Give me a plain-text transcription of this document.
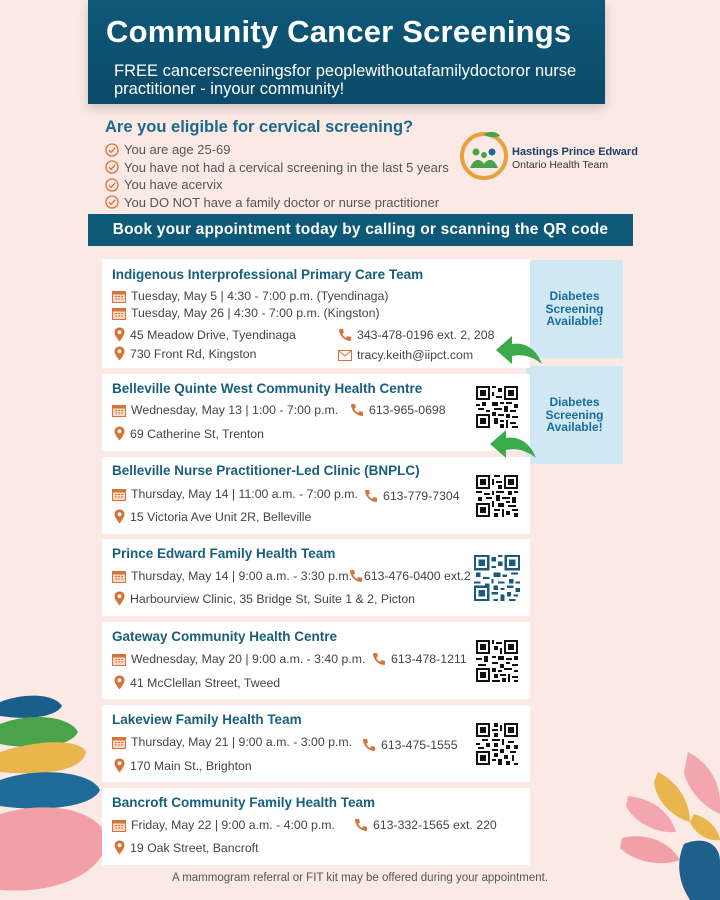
Community Cancer Screenings
FREE cancerscreeningsfor peoplewithoutafamilydoctoror nurse practitioner - inyour community!
Are you eligible for cervical screening?
You are age 25-69
You have not had a cervical screening in the last 5 years
You have acervix
You DO NOT have a family doctor or nurse practitioner
Hastings Prince Edward
Ontario Health Team
Book your appointment today by calling or scanning the QR code
Diabetes
Screening
Available!
Diabetes
Screening
Available!
Indigenous Interprofessional Primary Care Team
Tuesday, May 5 | 4:30 - 7:00 p.m. (Tyendinaga)
Tuesday, May 26 | 4:30 - 7:00 p.m. (Kingston)
45 Meadow Drive, Tyendinaga
730 Front Rd, Kingston
343-478-0196 ext. 2, 208
tracy.keith@iipct.com
Belleville Quinte West Community Health Centre
Wednesday, May 13 | 1:00 - 7:00 p.m.	613-965-0698
69 Catherine St, Trenton
Belleville Nurse Practitioner-Led Clinic (BNPLC)
Thursday, May 14 | 11:00 a.m. - 7:00 p.m. 613-779-7304
15 Victoria Ave Unit 2R, Belleville
Prince Edward Family Health Team
Thursday, May 14 | 9:00 a.m. - 3:30 p.m. 613-476-0400 ext.2
Harbourview Clinic, 35 Bridge St, Suite 1 & 2, Picton
Gateway Community Health Centre
Wednesday, May 20 | 9:00 a.m. - 3:40 p.m. 613-478-1211
41 McClellan Street, Tweed
Lakeview Family Health Team
Thursday, May 21 | 9:00 a.m. - 3:00 p.m. 613-475-1555
170 Main St., Brighton
Bancroft Community Family Health Team
Friday, May 22 | 9:00 a.m. - 4:00 p.m.	613-332-1565 ext. 220
19 Oak Street, Bancroft
A mammogram referral or FIT kit may be offered during your appointment.
